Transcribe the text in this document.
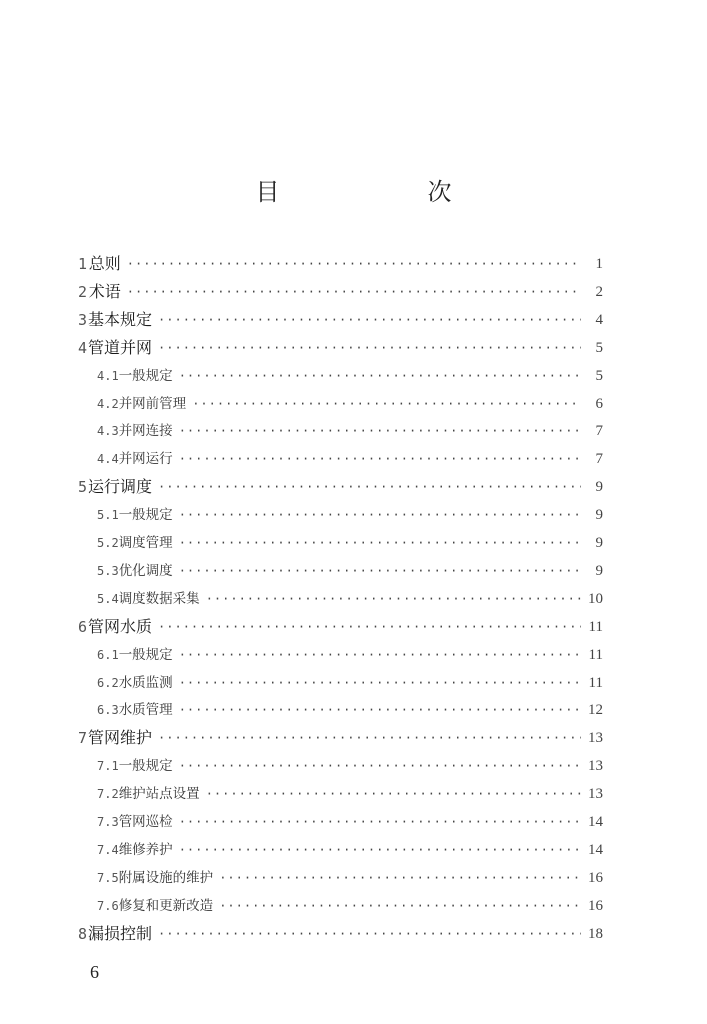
目　次
1 总则 ·····	1
2 术语 ·····	2
3 基本规定 ·····	4
4 管道并网 ·····	5
4.1 一般规定 ·····	5
4.2 并网前管理 ·····	6
4.3 并网连接 ·····	7
4.4 并网运行 ·····	7
5 运行调度 ·····	9
5.1 一般规定 ·····	9
5.2 调度管理 ·····	9
5.3 优化调度 ·····	9
5.4 调度数据采集 ·····	10
6 管网水质 ·····	11
6.1 一般规定 ·····	11
6.2 水质监测 ·····	11
6.3 水质管理 ·····	12
7 管网维护 ·····	13
7.1 一般规定 ·····	13
7.2 维护站点设置 ·····	13
7.3 管网巡检 ·····	14
7.4 维修养护 ·····	14
7.5 附属设施的维护 ·····	16
7.6 修复和更新改造 ·····	16
8 漏损控制 ·····	18
6
